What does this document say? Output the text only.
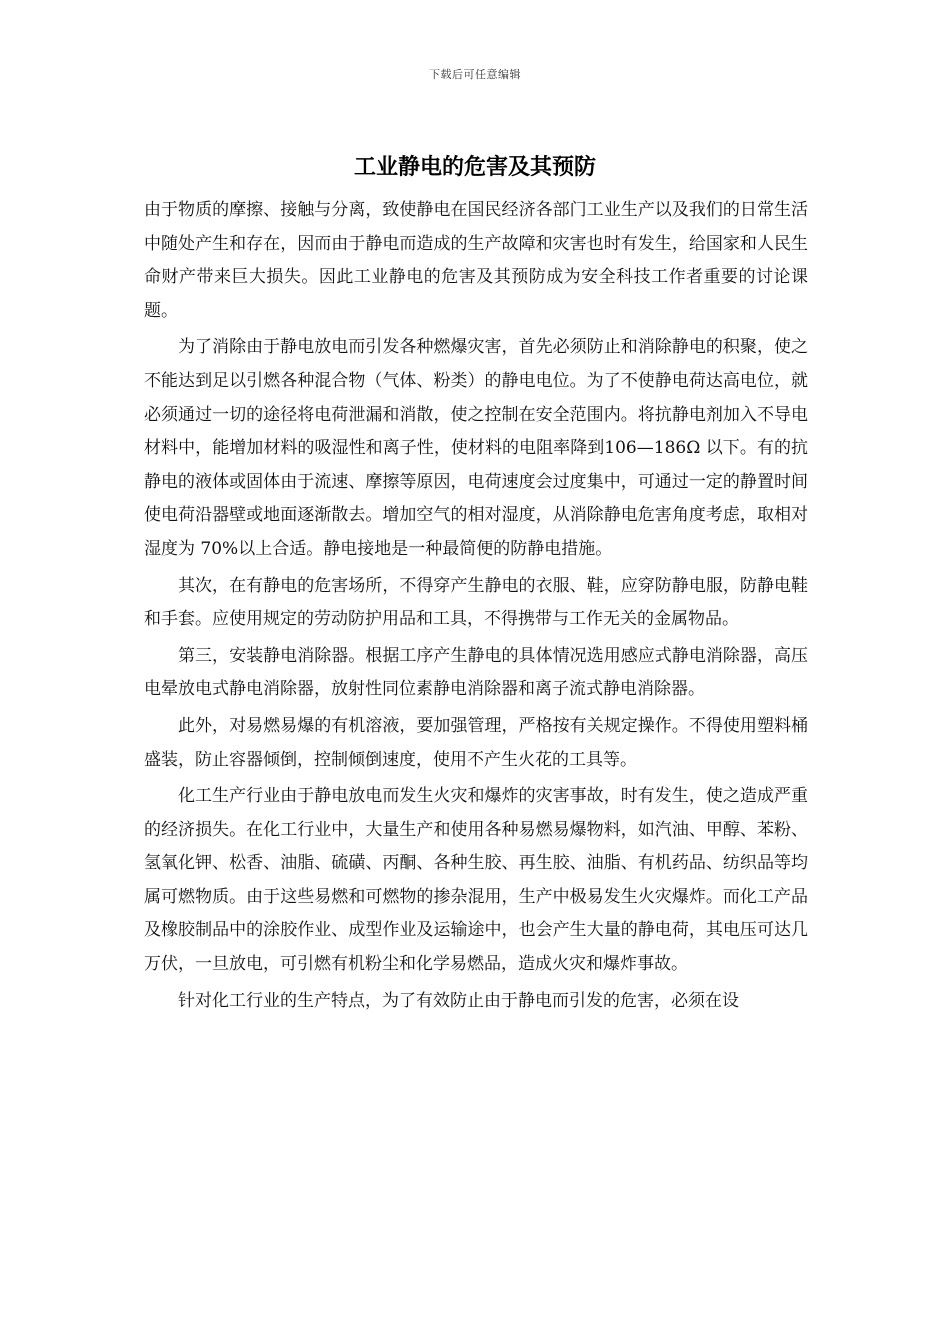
下载后可任意编辑
工业静电的危害及其预防

由于物质的摩擦、接触与分离，致使静电在国民经济各部门工业生产以及我们的日常生活中随处产生和存在，因而由于静电而造成的生产故障和灾害也时有发生，给国家和人民生命财产带来巨大损失。因此工业静电的危害及其预防成为安全科技工作者重要的讨论课题。

为了消除由于静电放电而引发各种燃爆灾害，首先必须防止和消除静电的积聚，使之不能达到足以引燃各种混合物（气体、粉类）的静电电位。为了不使静电荷达高电位，就必须通过一切的途径将电荷泄漏和消散，使之控制在安全范围内。将抗静电剂加入不导电材料中，能增加材料的吸湿性和离子性，使材料的电阻率降到106—186Ω 以下。有的抗静电的液体或固体由于流速、摩擦等原因，电荷速度会过度集中，可通过一定的静置时间使电荷沿器壁或地面逐渐散去。增加空气的相对湿度，从消除静电危害角度考虑，取相对湿度为 70%以上合适。静电接地是一种最简便的防静电措施。

其次，在有静电的危害场所，不得穿产生静电的衣服、鞋，应穿防静电服，防静电鞋和手套。应使用规定的劳动防护用品和工具，不得携带与工作无关的金属物品。

第三，安装静电消除器。根据工序产生静电的具体情况选用感应式静电消除器，高压电晕放电式静电消除器，放射性同位素静电消除器和离子流式静电消除器。

此外，对易燃易爆的有机溶液，要加强管理，严格按有关规定操作。不得使用塑料桶盛装，防止容器倾倒，控制倾倒速度，使用不产生火花的工具等。

化工生产行业由于静电放电而发生火灾和爆炸的灾害事故，时有发生，使之造成严重的经济损失。在化工行业中，大量生产和使用各种易燃易爆物料，如汽油、甲醇、苯粉、氢氧化钾、松香、油脂、硫磺、丙酮、各种生胶、再生胶、油脂、有机药品、纺织品等均属可燃物质。由于这些易燃和可燃物的掺杂混用，生产中极易发生火灾爆炸。而化工产品及橡胶制品中的涂胶作业、成型作业及运输途中，也会产生大量的静电荷，其电压可达几万伏，一旦放电，可引燃有机粉尘和化学易燃品，造成火灾和爆炸事故。

针对化工行业的生产特点，为了有效防止由于静电而引发的危害，必须在设
